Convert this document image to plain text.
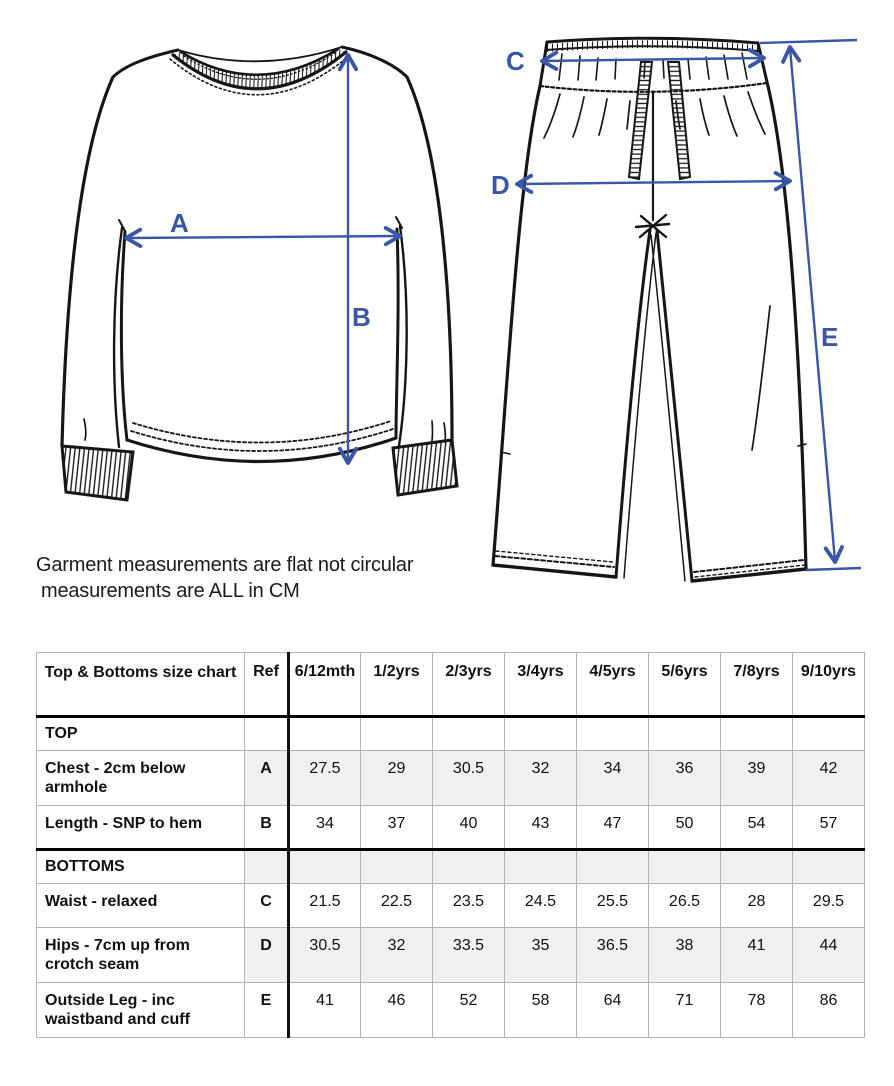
A
B
C
D
E
Garment measurements are flat not circular
measurements are ALL in CM
Top & Bottoms size chart	Ref	6/12mth	1/2yrs	2/3yrs	3/4yrs	4/5yrs	5/6yrs	7/8yrs	9/10yrs
TOP									
Chest - 2cm below armhole	A	27.5	29	30.5	32	34	36	39	42
Length - SNP to hem	B	34	37	40	43	47	50	54	57
BOTTOMS									
Waist - relaxed	C	21.5	22.5	23.5	24.5	25.5	26.5	28	29.5
Hips - 7cm up from crotch seam	D	30.5	32	33.5	35	36.5	38	41	44
Outside Leg - inc waistband and cuff	E	41	46	52	58	64	71	78	86
